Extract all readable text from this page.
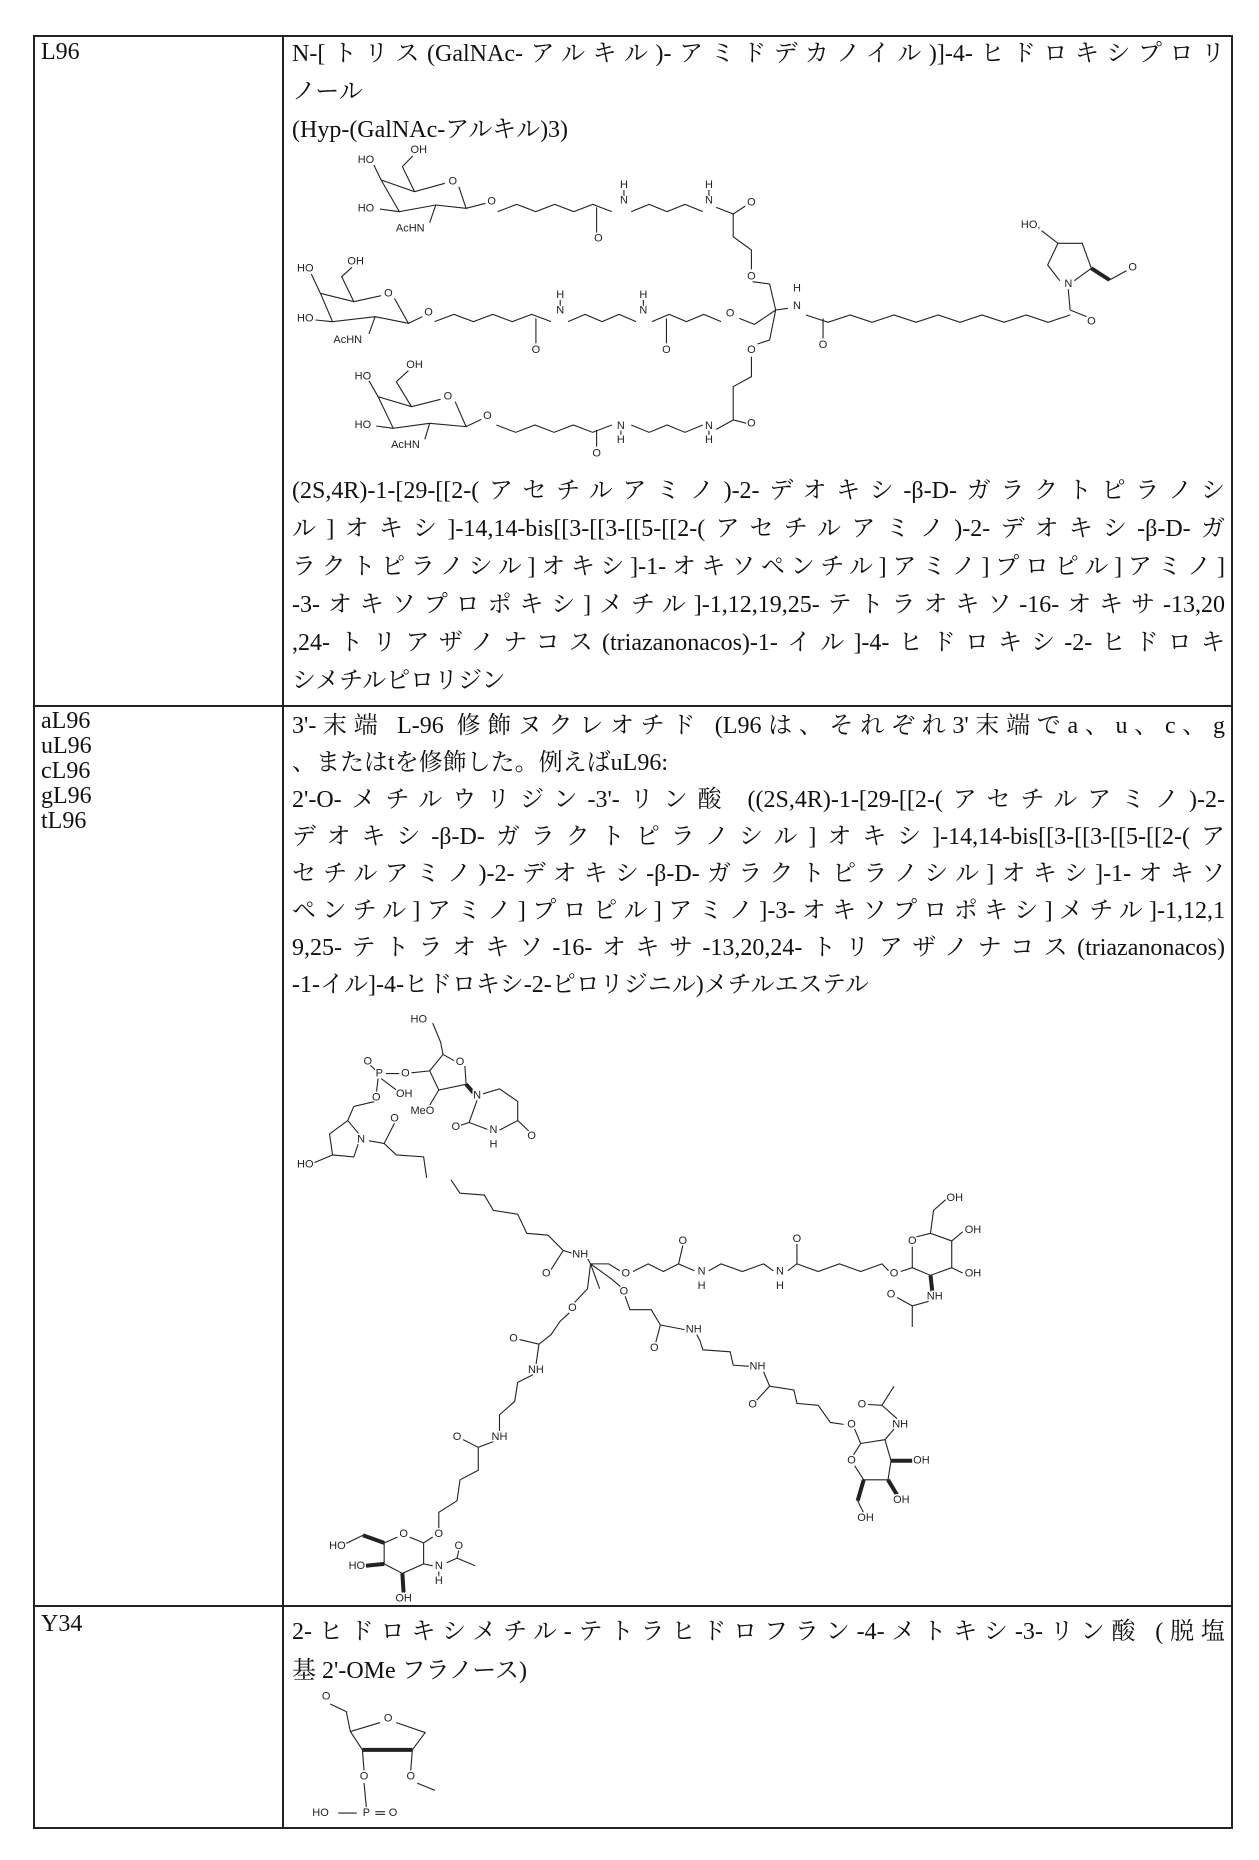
L96	N-[トリス(GalNAc-アルキル)-アミドデカノイル)]-4-ヒドロキシプロリ
ノール
(Hyp-(GalNAc-アルキル)3)
HO
OH
O
HO
AcHN
O
H
N
O
H
N	O
HO
OH
O
HO
AcHN
O
H
N
O
H
N
O
O
O
O
H
N
O
HO
OH
O
HO
AcHN
O
N
H
O
N
H
O
HO,
N
O
O
(2S,4R)-1-[29-[[2-(アセチルアミノ)-2-デオキシ-β-D-ガラクトピラノシ
ル]オキシ]-14,14-bis[[3-[[3-[[5-[[2-(アセチルアミノ)-2-デオキシ-β-D-ガ
ラクトピラノシル]オキシ]-1-オキソペンチル]アミノ]プロピル]アミノ]
-3-オキソプロポキシ]メチル]-1,12,19,25-テトラオキソ-16-オキサ-13,20
,24-トリアザノナコス(triazanonacos)-1-イル]-4-ヒドロキシ-2-ヒドロキ
シメチルピロリジン
aL96
uL96
cL96
gL96
tL96
3'-末端 L-96 修飾ヌクレオチド (L96は、それぞれ3'末端でa、u、c、g
、またはtを修飾した。例えばuL96:
2'-O-メチルウリジン-3'-リン酸 ((2S,4R)-1-[29-[[2-(アセチルアミノ)-2-
デオキシ-β-D-ガラクトピラノシル]オキシ]-14,14-bis[[3-[[3-[[5-[[2-(ア
セチルアミノ)-2-デオキシ-β-D-ガラクトピラノシル]オキシ]-1-オキソ
ペンチル]アミノ]プロピル]アミノ]-3-オキソプロポキシ]メチル]-1,12,1
9,25-テトラオキソ-16-オキサ-13,20,24-トリアザノナコス(triazanonacos)
-1-イル]-4-ヒドロキシ-2-ピロリジニル)メチルエステル
HO
O
O
P O
OH
O
MeO
N
O	N
H
O
O
N
HO
NH
O	O
O
N
H
N
H
O
O
O
OH
OH
OH
NH
O
O
O
O
NH
NH
O
NH
O
O
O
NH
O	OH
OH
OH
NH
O
O O
HO	O
HO	N
OH
H
Y34	2-ヒドロキシメチル-テトラヒドロフラン-4-メトキシ-3-リン酸 (脱塩
基 2'-OMe フラノース)
O
O
O	O
HO	P O
